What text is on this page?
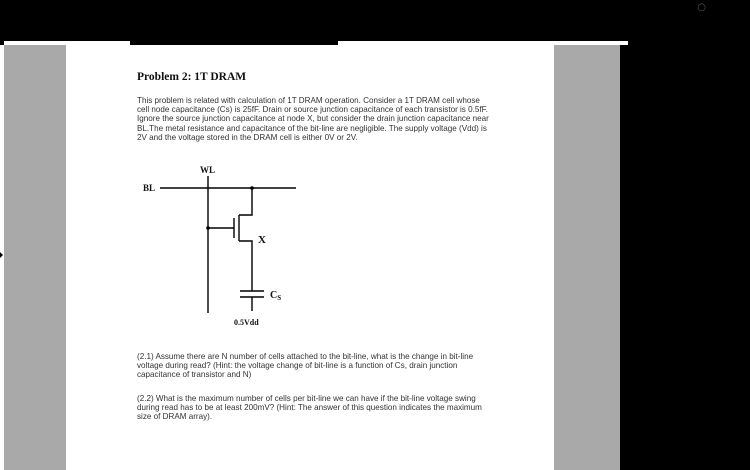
○
Problem 2: 1T DRAM
This problem is related with calculation of 1T DRAM operation. Consider a 1T DRAM cell whose cell node capacitance (Cs) is 25fF. Drain or source junction capacitance of each transistor is 0.5fF. Ignore the source junction capacitance at node X, but consider the drain junction capacitance near BL.The metal resistance and capacitance of the bit-line are negligible. The supply voltage (Vdd) is 2V and the voltage stored in the DRAM cell is either 0V or 2V.
WL
BL
X
$C_S$
0.5Vdd
(2.1) Assume there are N number of cells attached to the bit-line, what is the change in bit-line voltage during read? (Hint: the voltage change of bit-line is a function of Cs, drain junction capacitance of transistor and N)
(2.2) What is the maximum number of cells per bit-line we can have if the bit-line voltage swing during read has to be at least 200mV? (Hint: The answer of this question indicates the maximum size of DRAM array).
